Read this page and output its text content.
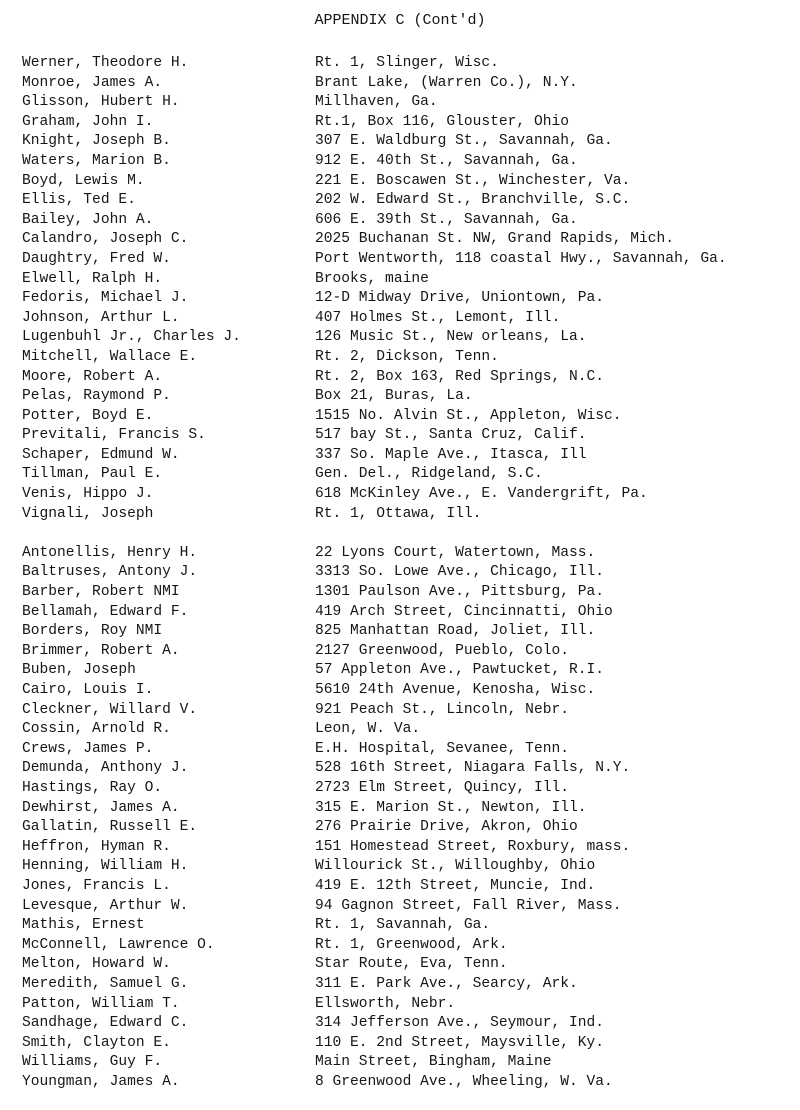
APPENDIX C (Cont'd)
Werner, Theodore H.	Rt. 1, Slinger, Wisc.
Monroe, James A.	Brant Lake, (Warren Co.), N.Y.
Glisson, Hubert H.	Millhaven, Ga.
Graham, John I.	Rt.1, Box 116, Glouster, Ohio
Knight, Joseph B.	307 E. Waldburg St., Savannah, Ga.
Waters, Marion B.	912 E. 40th St., Savannah, Ga.
Boyd, Lewis M.	221 E. Boscawen St., Winchester, Va.
Ellis, Ted E.	202 W. Edward St., Branchville, S.C.
Bailey, John A.	606 E. 39th St., Savannah, Ga.
Calandro, Joseph C.	2025 Buchanan St. NW, Grand Rapids, Mich.
Daughtry, Fred W.	Port Wentworth, 118 coastal Hwy., Savannah, Ga.
Elwell, Ralph H.	Brooks, maine
Fedoris, Michael J.	12-D Midway Drive, Uniontown, Pa.
Johnson, Arthur L.	407 Holmes St., Lemont, Ill.
Lugenbuhl Jr., Charles J.	126 Music St., New orleans, La.
Mitchell, Wallace E.	Rt. 2, Dickson, Tenn.
Moore, Robert A.	Rt. 2, Box 163, Red Springs, N.C.
Pelas, Raymond P.	Box 21, Buras, La.
Potter, Boyd E.	1515 No. Alvin St., Appleton, Wisc.
Previtali, Francis S.	517 bay St., Santa Cruz, Calif.
Schaper, Edmund W.	337 So. Maple Ave., Itasca, Ill
Tillman, Paul E.	Gen. Del., Ridgeland, S.C.
Venis, Hippo J.	618 McKinley Ave., E. Vandergrift, Pa.
Vignali, Joseph	Rt. 1, Ottawa, Ill.
Antonellis, Henry H.	22 Lyons Court, Watertown, Mass.
Baltruses, Antony J.	3313 So. Lowe Ave., Chicago, Ill.
Barber, Robert NMI	1301 Paulson Ave., Pittsburg, Pa.
Bellamah, Edward F.	419 Arch Street, Cincinnatti, Ohio
Borders, Roy NMI	825 Manhattan Road, Joliet, Ill.
Brimmer, Robert A.	2127 Greenwood, Pueblo, Colo.
Buben, Joseph	57 Appleton Ave., Pawtucket, R.I.
Cairo, Louis I.	5610 24th Avenue, Kenosha, Wisc.
Cleckner, Willard V.	921 Peach St., Lincoln, Nebr.
Cossin, Arnold R.	Leon, W. Va.
Crews, James P.	E.H. Hospital, Sevanee, Tenn.
Demunda, Anthony J.	528 16th Street, Niagara Falls, N.Y.
Hastings, Ray O.	2723 Elm Street, Quincy, Ill.
Dewhirst, James A.	315 E. Marion St., Newton, Ill.
Gallatin, Russell E.	276 Prairie Drive, Akron, Ohio
Heffron, Hyman R.	151 Homestead Street, Roxbury, mass.
Henning, William H.	Willourick St., Willoughby, Ohio
Jones, Francis L.	419 E. 12th Street, Muncie, Ind.
Levesque, Arthur W.	94 Gagnon Street, Fall River, Mass.
Mathis, Ernest	Rt. 1, Savannah, Ga.
McConnell, Lawrence O.	Rt. 1, Greenwood, Ark.
Melton, Howard W.	Star Route, Eva, Tenn.
Meredith, Samuel G.	311 E. Park Ave., Searcy, Ark.
Patton, William T.	Ellsworth, Nebr.
Sandhage, Edward C.	314 Jefferson Ave., Seymour, Ind.
Smith, Clayton E.	110 E. 2nd Street, Maysville, Ky.
Williams, Guy F.	Main Street, Bingham, Maine
Youngman, James A.	8 Greenwood Ave., Wheeling, W. Va.
